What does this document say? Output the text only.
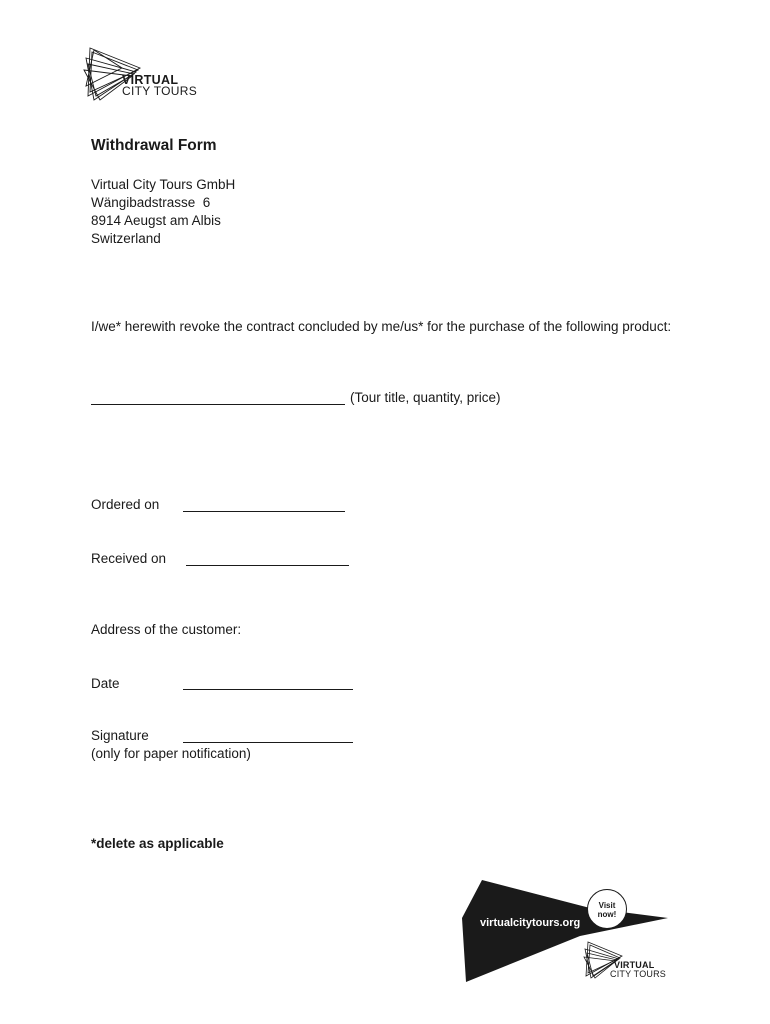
VIRTUAL
CITY TOURS
Withdrawal Form
Virtual City Tours GmbH
Wängibadstrasse  6
8914 Aeugst am Albis
Switzerland
I/we* herewith revoke the contract concluded by me/us* for the purchase of the following product:
(Tour title, quantity, price)
Ordered on
Received on
Address of the customer:
Date
Signature
(only for paper notification)
*delete as applicable
virtualcitytours.org
Visit
now!
VIRTUAL
CITY TOURS
